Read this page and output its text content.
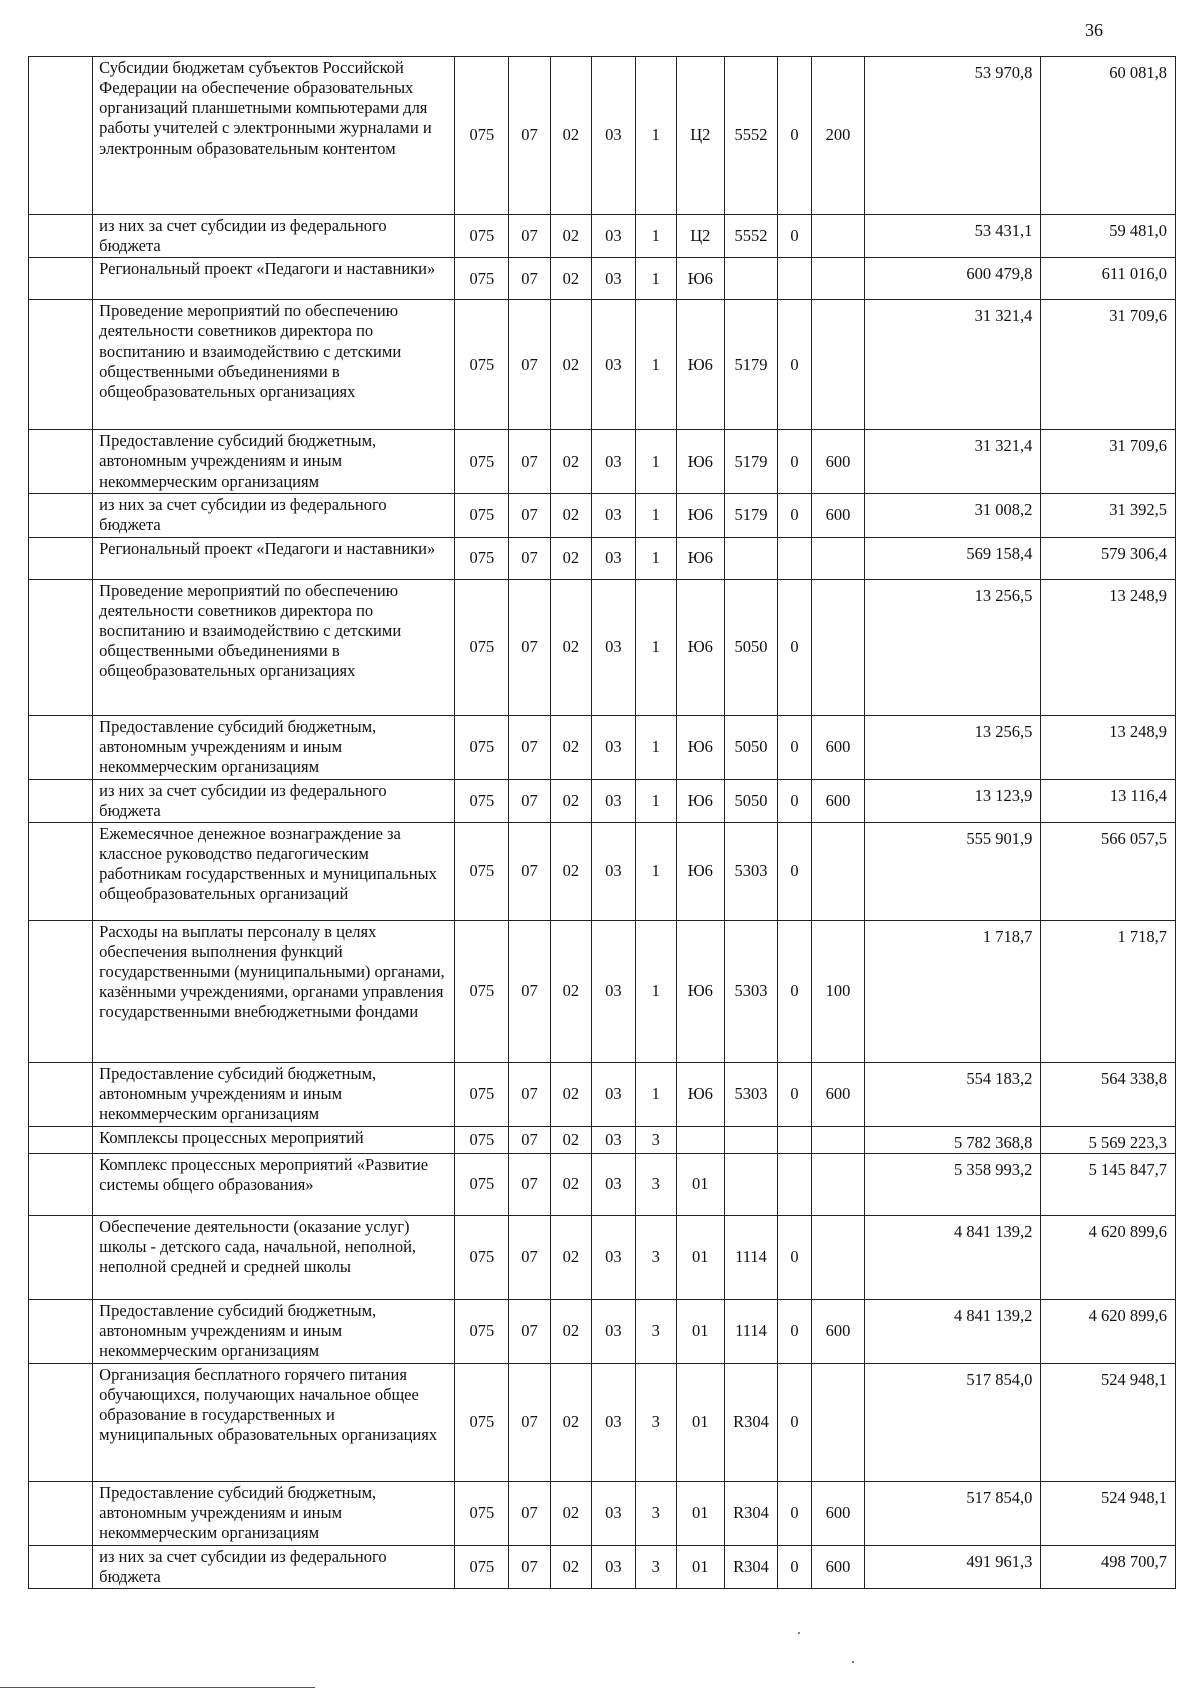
36
	Субсидии бюджетам субъектов Российской Федерации на обеспечение образовательных организаций планшетными компьютерами для работы учителей с электронными журналами и электронным образовательным контентом	075	07	02	03	1	Ц2	5552	0	200	53 970,8	60 081,8
	из них за счет субсидии из федерального бюджета	075	07	02	03	1	Ц2	5552	0		53 431,1	59 481,0
	Региональный проект «Педагоги и наставники»	075	07	02	03	1	Ю6				600 479,8	611 016,0
	Проведение мероприятий по обеспечению деятельности советников директора по воспитанию и взаимодействию с детскими общественными объединениями в общеобразовательных организациях	075	07	02	03	1	Ю6	5179	0		31 321,4	31 709,6
	Предоставление субсидий бюджетным, автономным учреждениям и иным некоммерческим организациям	075	07	02	03	1	Ю6	5179	0	600	31 321,4	31 709,6
	из них за счет субсидии из федерального бюджета	075	07	02	03	1	Ю6	5179	0	600	31 008,2	31 392,5
	Региональный проект «Педагоги и наставники»	075	07	02	03	1	Ю6				569 158,4	579 306,4
	Проведение мероприятий по обеспечению деятельности советников директора по воспитанию и взаимодействию с детскими общественными объединениями в общеобразовательных организациях	075	07	02	03	1	Ю6	5050	0		13 256,5	13 248,9
	Предоставление субсидий бюджетным, автономным учреждениям и иным некоммерческим организациям	075	07	02	03	1	Ю6	5050	0	600	13 256,5	13 248,9
	из них за счет субсидии из федерального бюджета	075	07	02	03	1	Ю6	5050	0	600	13 123,9	13 116,4
	Ежемесячное денежное вознаграждение за классное руководство педагогическим работникам государственных и муниципальных общеобразовательных организаций	075	07	02	03	1	Ю6	5303	0		555 901,9	566 057,5
	Расходы на выплаты персоналу в целях обеспечения выполнения функций государственными (муниципальными) органами, казёнными учреждениями, органами управления государственными внебюджетными фондами	075	07	02	03	1	Ю6	5303	0	100	1 718,7	1 718,7
	Предоставление субсидий бюджетным, автономным учреждениям и иным некоммерческим организациям	075	07	02	03	1	Ю6	5303	0	600	554 183,2	564 338,8
	Комплексы процессных мероприятий	075	07	02	03	3					5 782 368,8	5 569 223,3
	Комплекс процессных мероприятий «Развитие системы общего образования»	075	07	02	03	3	01				5 358 993,2	5 145 847,7
	Обеспечение деятельности (оказание услуг) школы - детского сада, начальной, неполной, неполной средней и средней школы	075	07	02	03	3	01	1114	0		4 841 139,2	4 620 899,6
	Предоставление субсидий бюджетным, автономным учреждениям и иным некоммерческим организациям	075	07	02	03	3	01	1114	0	600	4 841 139,2	4 620 899,6
	Организация бесплатного горячего питания обучающихся, получающих начальное общее образование в государственных и муниципальных образовательных организациях	075	07	02	03	3	01	R304	0		517 854,0	524 948,1
	Предоставление субсидий бюджетным, автономным учреждениям и иным некоммерческим организациям	075	07	02	03	3	01	R304	0	600	517 854,0	524 948,1
	из них за счет субсидии из федерального бюджета	075	07	02	03	3	01	R304	0	600	491 961,3	498 700,7
